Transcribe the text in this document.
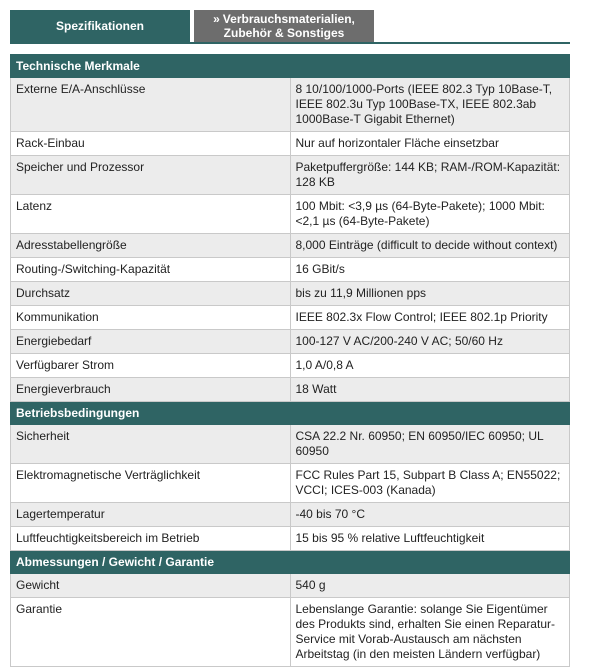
Spezifikationen	» Verbrauchsmaterialien,
Zubehör & Sonstiges
Technische Merkmale	
Externe E/A-Anschlüsse	8 10/100/1000-Ports (IEEE 802.3 Typ 10Base-T, IEEE 802.3u Typ 100Base-TX, IEEE 802.3ab 1000Base-T Gigabit Ethernet)
Rack-Einbau	Nur auf horizontaler Fläche einsetzbar
Speicher und Prozessor	Paketpuffergröße: 144 KB; RAM-/ROM-Kapazität: 128 KB
Latenz	100 Mbit: <3,9 µs (64-Byte-Pakete); 1000 Mbit: <2,1 µs (64-Byte-Pakete)
Adresstabellengröße	8,000 Einträge (difficult to decide without context)
Routing-/Switching-Kapazität	16 GBit/s
Durchsatz	bis zu 11,9 Millionen pps
Kommunikation	IEEE 802.3x Flow Control; IEEE 802.1p Priority
Energiebedarf	100-127 V AC/200-240 V AC; 50/60 Hz
Verfügbarer Strom	1,0 A/0,8 A
Energieverbrauch	18 Watt
Betriebsbedingungen	
Sicherheit	CSA 22.2 Nr. 60950; EN 60950/IEC 60950; UL 60950
Elektromagnetische Verträglichkeit	FCC Rules Part 15, Subpart B Class A; EN55022; VCCI; ICES-003 (Kanada)
Lagertemperatur	-40 bis 70 °C
Luftfeuchtigkeitsbereich im Betrieb	15 bis 95 % relative Luftfeuchtigkeit
Abmessungen / Gewicht / Garantie	
Gewicht	540 g
Garantie	Lebenslange Garantie: solange Sie Eigentümer des Produkts sind, erhalten Sie einen Reparatur-Service mit Vorab-Austausch am nächsten Arbeitstag (in den meisten Ländern verfügbar)
